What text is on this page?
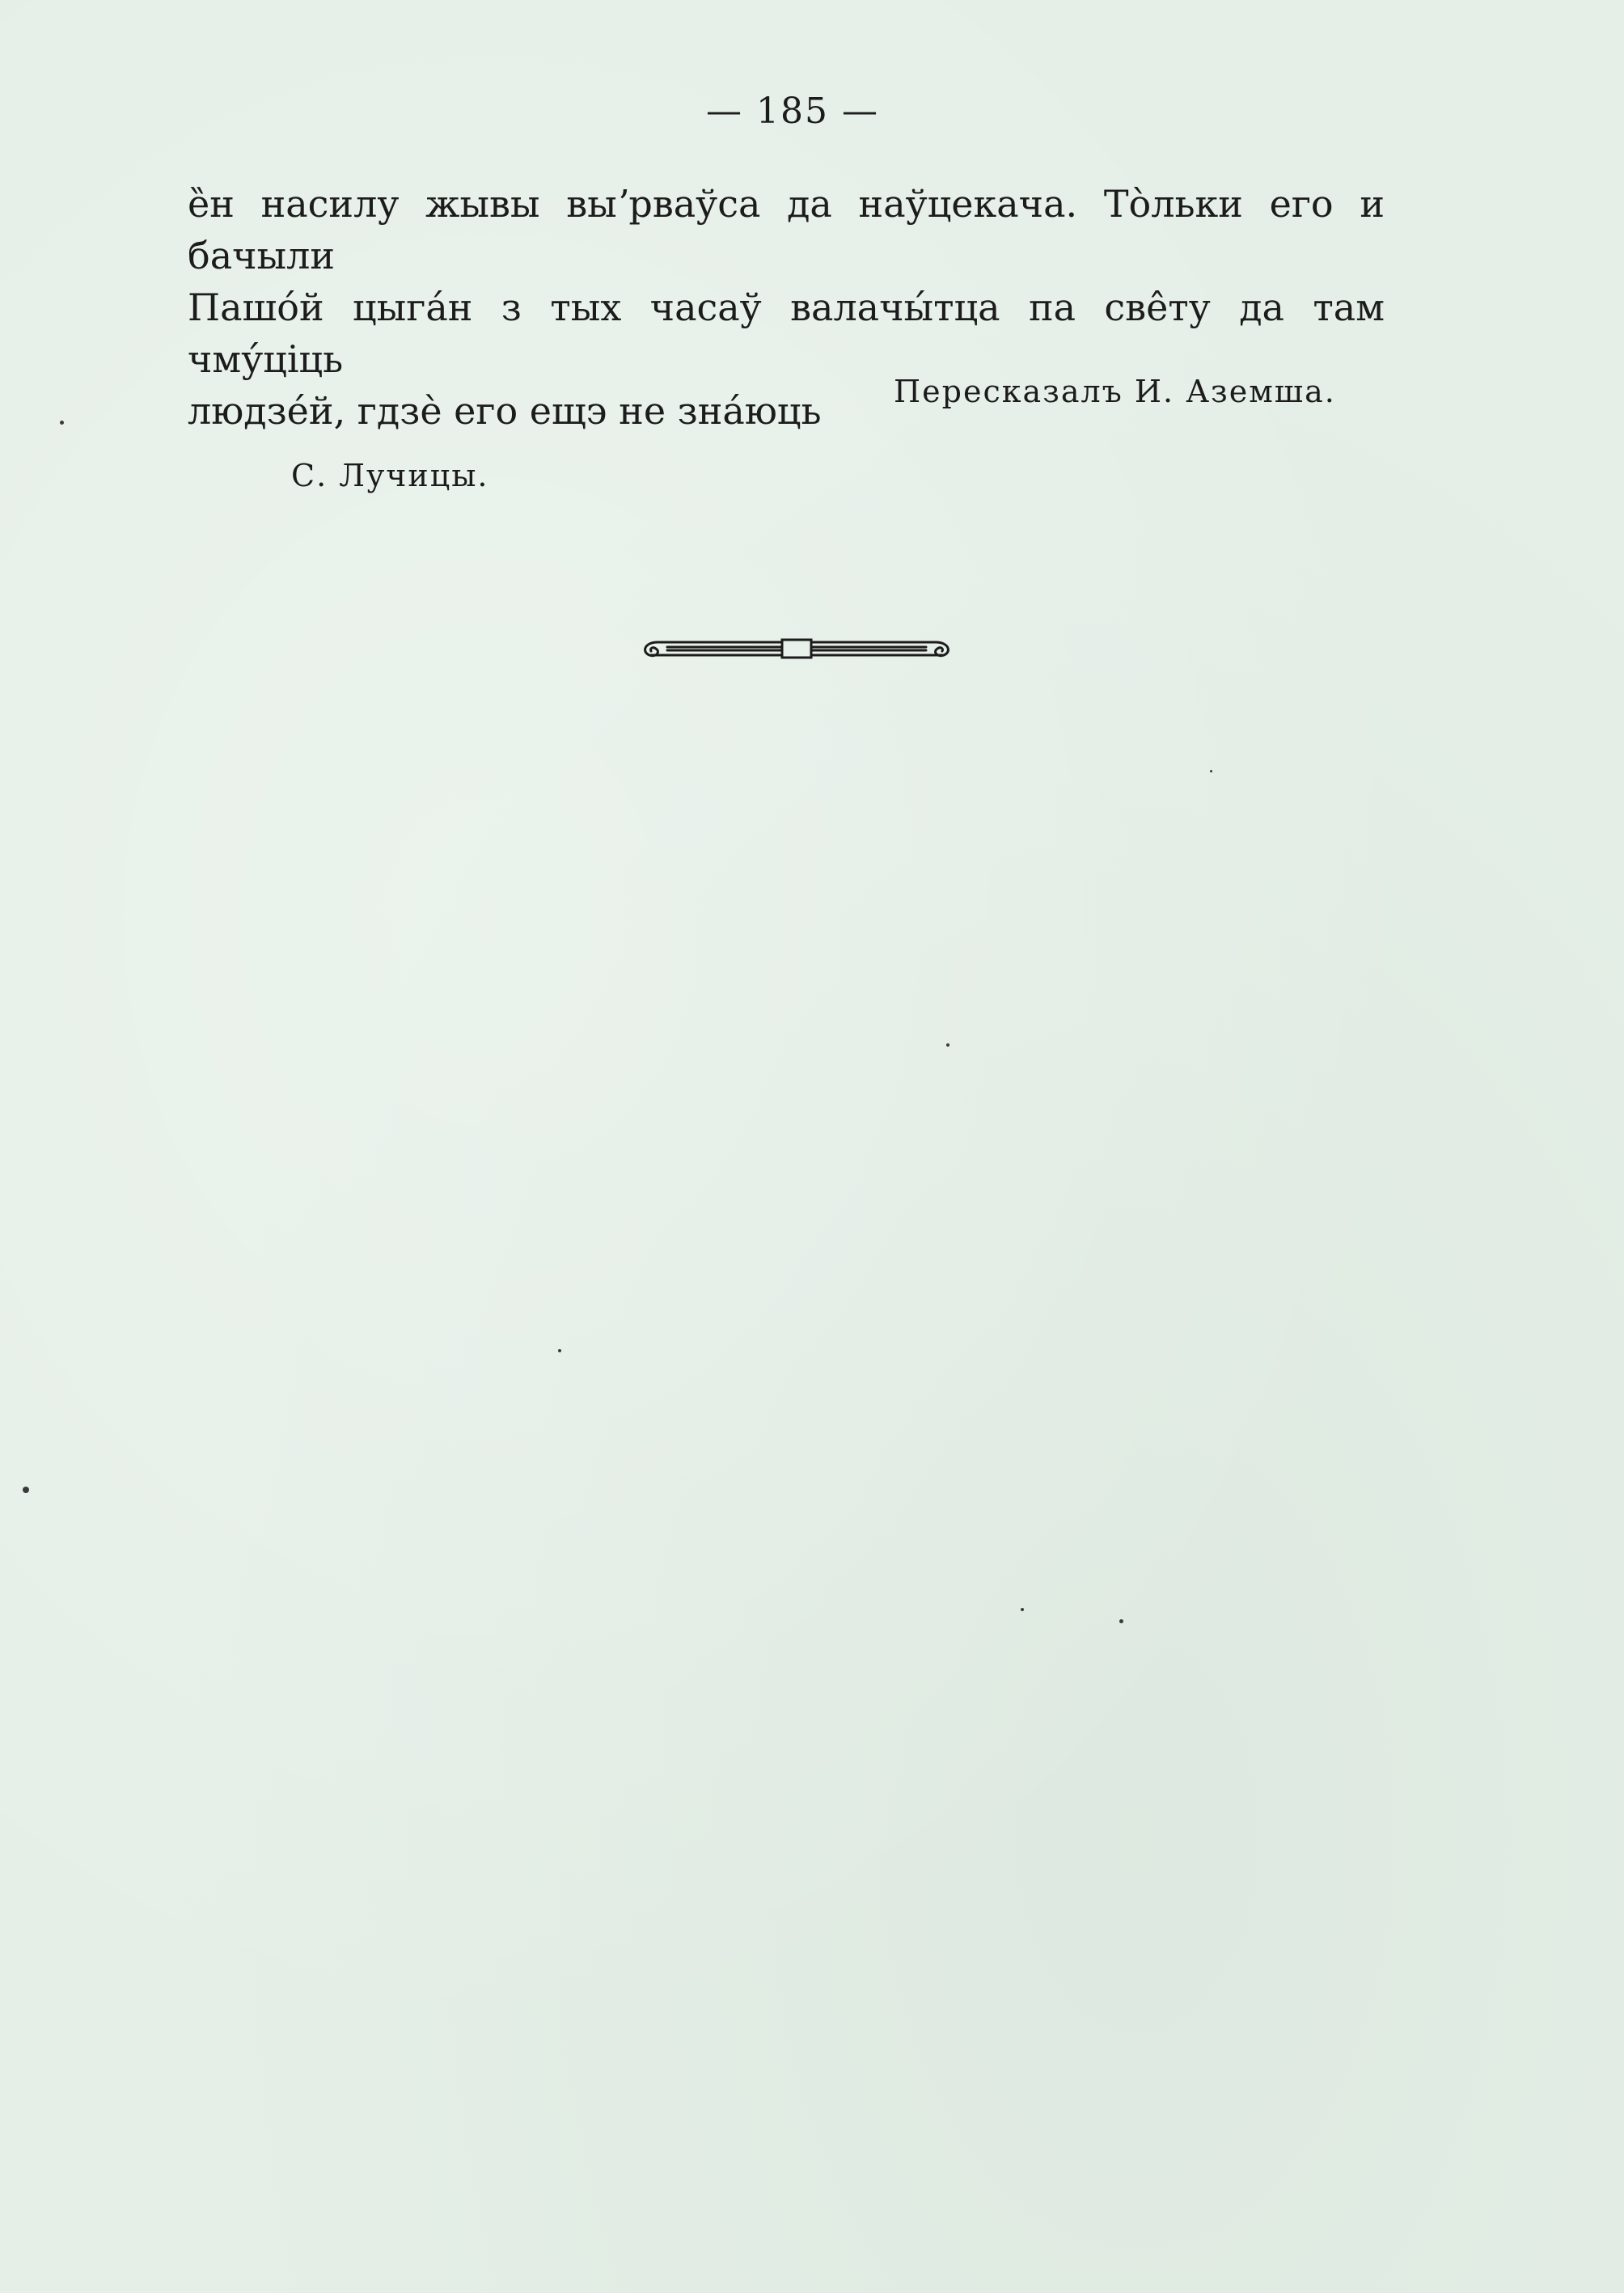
— 185 —
е̏н насилу жывы выʼрваўса да наўцекача. То̀льки его и бачыли
Пашо́й цыга́н з тых часаў валачы́тца па све̂ту да там чму́ціць
людзе́й, гдзѐ его ещэ не зна́юць	Пересказалъ И. Аземша.
С. Лучицы.
